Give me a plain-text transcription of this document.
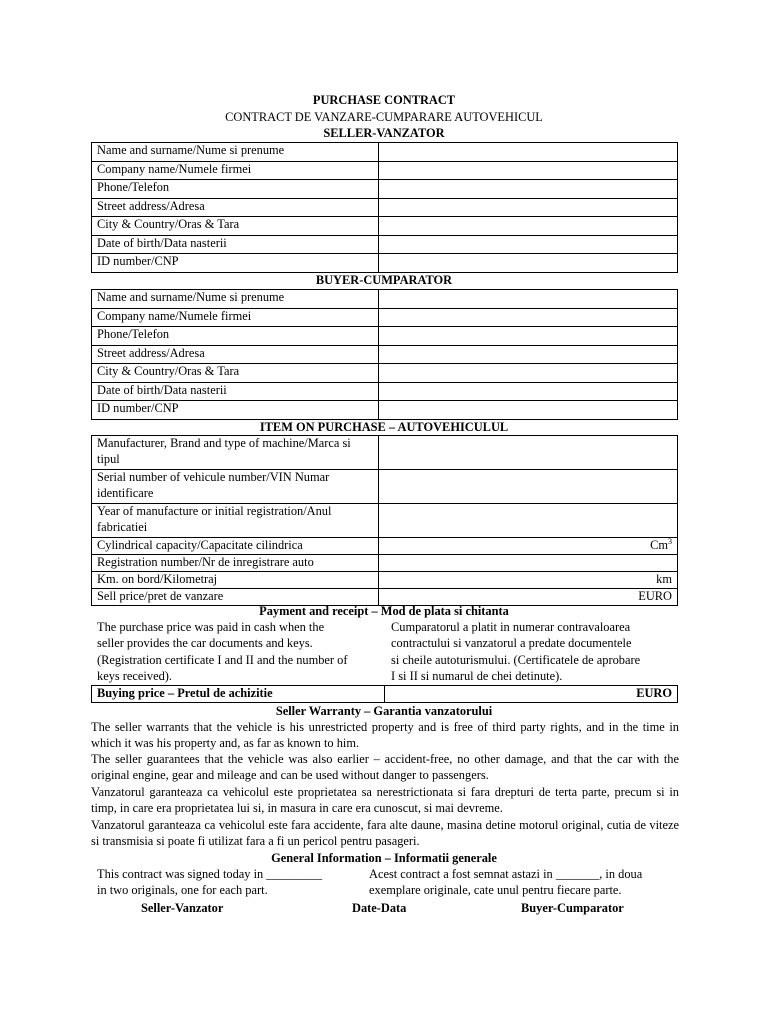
PURCHASE CONTRACT
CONTRACT DE VANZARE-CUMPARARE AUTOVEHICUL
SELLER-VANZATOR
Name and surname/Nume si prenume	
Company name/Numele firmei	
Phone/Telefon	
Street address/Adresa	
City & Country/Oras & Tara	
Date of birth/Data nasterii	
ID number/CNP	
BUYER-CUMPARATOR
Name and surname/Nume si prenume	
Company name/Numele firmei	
Phone/Telefon	
Street address/Adresa	
City & Country/Oras & Tara	
Date of birth/Data nasterii	
ID number/CNP	
ITEM ON PURCHASE – AUTOVEHICULUL
Manufacturer, Brand and type of machine/Marca si tipul	
Serial number of vehicule number/VIN Numar identificare	
Year of manufacture or initial registration/Anul fabricatiei	
Cylindrical capacity/Capacitate cilindrica	Cm$^3$
Registration number/Nr de inregistrare auto	
Km. on bord/Kilometraj	km
Sell price/pret de vanzare	EURO
Payment and receipt – Mod de plata si chitanta
The purchase price was paid in cash when the
seller provides the car documents and keys.
(Registration certificate I and II and the number of
keys received).
Cumparatorul a platit in numerar contravaloarea
contractului si vanzatorul a predate documentele
si cheile autoturismului. (Certificatele de aprobare
I si II si numarul de chei detinute).
Buying price – Pretul de achizitie	EURO
Seller Warranty – Garantia vanzatorului
The seller warrants that the vehicle is his unrestricted property and is free of third party rights, and in the time in which it was his property and, as far as known to him.
The seller guarantees that the vehicle was also earlier – accident-free, no other damage, and that the car with the original engine, gear and mileage and can be used without danger to passengers.
Vanzatorul garanteaza ca vehicolul este proprietatea sa nerestrictionata si fara drepturi de terta parte, precum si in timp, in care era proprietatea lui si, in masura in care era cunoscut, si mai devreme.
Vanzatorul garanteaza ca vehicolul este fara accidente, fara alte daune, masina detine motorul original, cutia de viteze si transmisia si poate fi utilizat fara a fi un pericol pentru pasageri.
General Information – Informatii generale
This contract was signed today in _________
in two originals, one for each part.
Acest contract a fost semnat astazi in _______, in doua
exemplare originale, cate unul pentru fiecare parte.
Seller-Vanzator	Date-Data	Buyer-Cumparator
